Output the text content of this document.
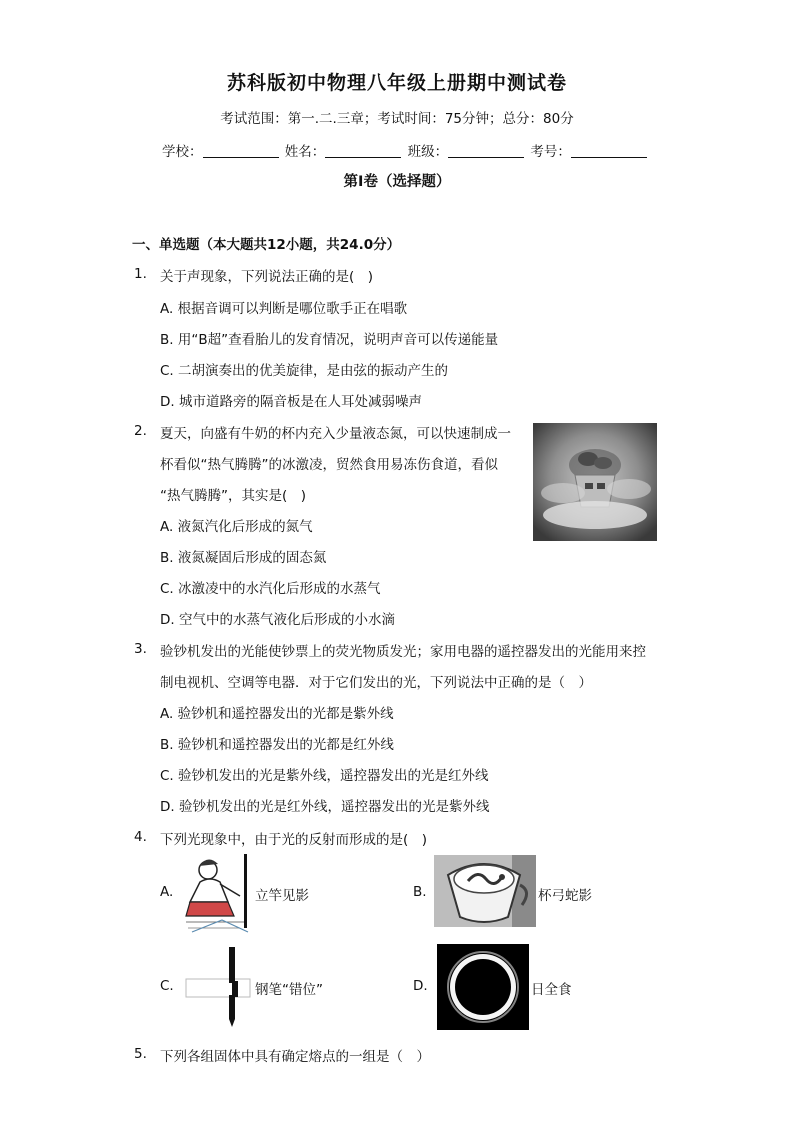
苏科版初中物理八年级上册期中测试卷
考试范围：第一.二.三章；考试时间：75分钟；总分：80分
学校：	姓名：	班级：	考号：
第Ⅰ卷（选择题）
一、单选题（本大题共12小题，共24.0分）
1. 关于声现象，下列说法正确的是(　)
A. 根据音调可以判断是哪位歌手正在唱歌
B. 用“B超”查看胎儿的发育情况，说明声音可以传递能量
C. 二胡演奏出的优美旋律，是由弦的振动产生的
D. 城市道路旁的隔音板是在人耳处减弱噪声
2. 夏天，向盛有牛奶的杯内充入少量液态氮，可以快速制成一
杯看似“热气腾腾”的冰激凌，贸然食用易冻伤食道，看似
“热气腾腾”，其实是(　)
A. 液氮汽化后形成的氮气
B. 液氮凝固后形成的固态氮
C. 冰激凌中的水汽化后形成的水蒸气
D. 空气中的水蒸气液化后形成的小水滴
3. 验钞机发出的光能使钞票上的荧光物质发光；家用电器的遥控器发出的光能用来控
制电视机、空调等电器．对于它们发出的光，下列说法中正确的是（　）
A. 验钞机和遥控器发出的光都是紫外线
B. 验钞机和遥控器发出的光都是红外线
C. 验钞机发出的光是紫外线，遥控器发出的光是红外线
D. 验钞机发出的光是红外线，遥控器发出的光是紫外线
4. 下列光现象中，由于光的反射而形成的是(　)
A.	立竿见影	B.	杯弓蛇影
C.	钢笔“错位”	D.	日全食
5. 下列各组固体中具有确定熔点的一组是（　）
